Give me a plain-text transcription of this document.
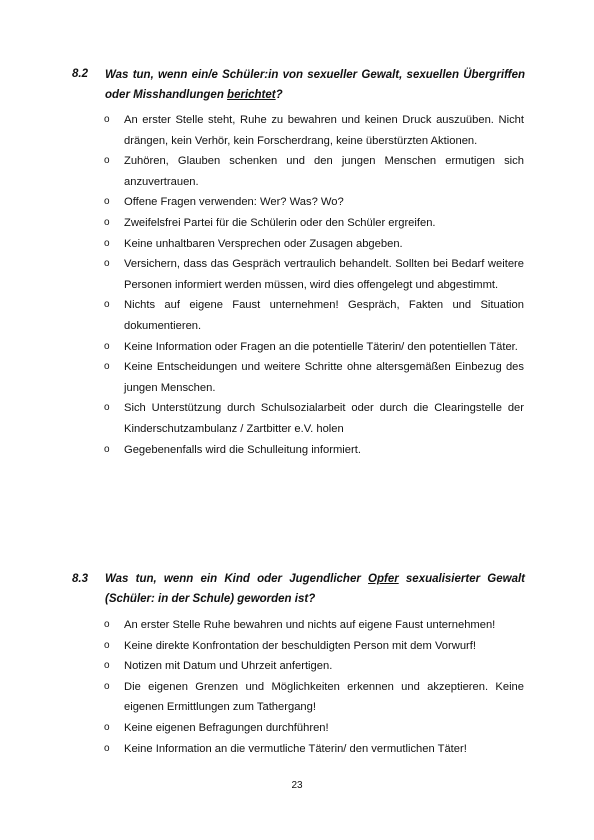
8.2 Was tun, wenn ein/e Schüler:in von sexueller Gewalt, sexuellen Übergriffen oder Misshandlungen berichtet?
o An erster Stelle steht, Ruhe zu bewahren und keinen Druck auszuüben. Nicht drängen, kein Verhör, kein Forscherdrang, keine überstürzten Aktionen.
o Zuhören, Glauben schenken und den jungen Menschen ermutigen sich anzuvertrauen.
o Offene Fragen verwenden: Wer? Was? Wo?
o Zweifelsfrei Partei für die Schülerin oder den Schüler ergreifen.
o Keine unhaltbaren Versprechen oder Zusagen abgeben.
o Versichern, dass das Gespräch vertraulich behandelt. Sollten bei Bedarf weitere Personen informiert werden müssen, wird dies offengelegt und abgestimmt.
o Nichts auf eigene Faust unternehmen! Gespräch, Fakten und Situation dokumentieren.
o Keine Information oder Fragen an die potentielle Täterin/ den potentiellen Täter.
o Keine Entscheidungen und weitere Schritte ohne altersgemäßen Einbezug des jungen Menschen.
o Sich Unterstützung durch Schulsozialarbeit oder durch die Clearingstelle der Kinderschutzambulanz / Zartbitter e.V. holen
o Gegebenenfalls wird die Schulleitung informiert.
8.3 Was tun, wenn ein Kind oder Jugendlicher Opfer sexualisierter Gewalt (Schüler: in der Schule) geworden ist?
o An erster Stelle Ruhe bewahren und nichts auf eigene Faust unternehmen!
o Keine direkte Konfrontation der beschuldigten Person mit dem Vorwurf!
o Notizen mit Datum und Uhrzeit anfertigen.
o Die eigenen Grenzen und Möglichkeiten erkennen und akzeptieren. Keine eigenen Ermittlungen zum Tathergang!
o Keine eigenen Befragungen durchführen!
o Keine Information an die vermutliche Täterin/ den vermutlichen Täter!
23
